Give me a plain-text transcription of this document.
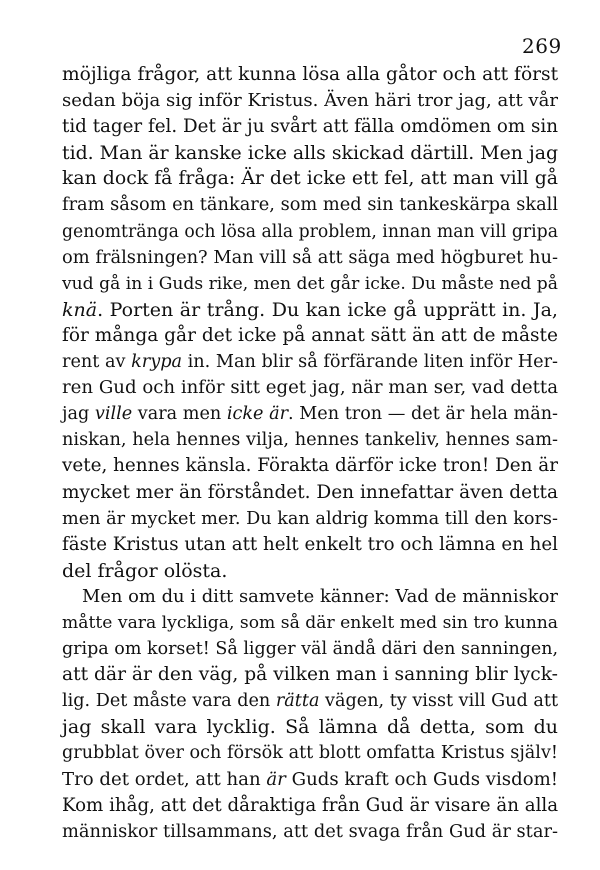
269
möjliga frågor, att kunna lösa alla gåtor och att först
sedan böja sig inför Kristus. Även häri tror jag, att vår
tid tager fel. Det är ju svårt att fälla omdömen om sin
tid. Man är kanske icke alls skickad därtill. Men jag
kan dock få fråga: Är det icke ett fel, att man vill gå
fram såsom en tänkare, som med sin tankeskärpa skall
genomtränga och lösa alla problem, innan man vill gripa
om frälsningen? Man vill så att säga med högburet hu-
vud gå in i Guds rike, men det går icke. Du måste ned på
knä. Porten är trång. Du kan icke gå upprätt in. Ja,
för många går det icke på annat sätt än att de måste
rent av krypa in. Man blir så förfärande liten inför Her-
ren Gud och inför sitt eget jag, när man ser, vad detta
jag ville vara men icke är. Men tron — det är hela män-
niskan, hela hennes vilja, hennes tankeliv, hennes sam-
vete, hennes känsla. Förakta därför icke tron! Den är
mycket mer än förståndet. Den innefattar även detta
men är mycket mer. Du kan aldrig komma till den kors-
fäste Kristus utan att helt enkelt tro och lämna en hel
del frågor olösta.
Men om du i ditt samvete känner: Vad de människor
måtte vara lyckliga, som så där enkelt med sin tro kunna
gripa om korset! Så ligger väl ändå däri den sanningen,
att där är den väg, på vilken man i sanning blir lyck-
lig. Det måste vara den rätta vägen, ty visst vill Gud att
jag skall vara lycklig. Så lämna då detta, som du
grubblat över och försök att blott omfatta Kristus själv!
Tro det ordet, att han är Guds kraft och Guds visdom!
Kom ihåg, att det dåraktiga från Gud är visare än alla
människor tillsammans, att det svaga från Gud är star-
